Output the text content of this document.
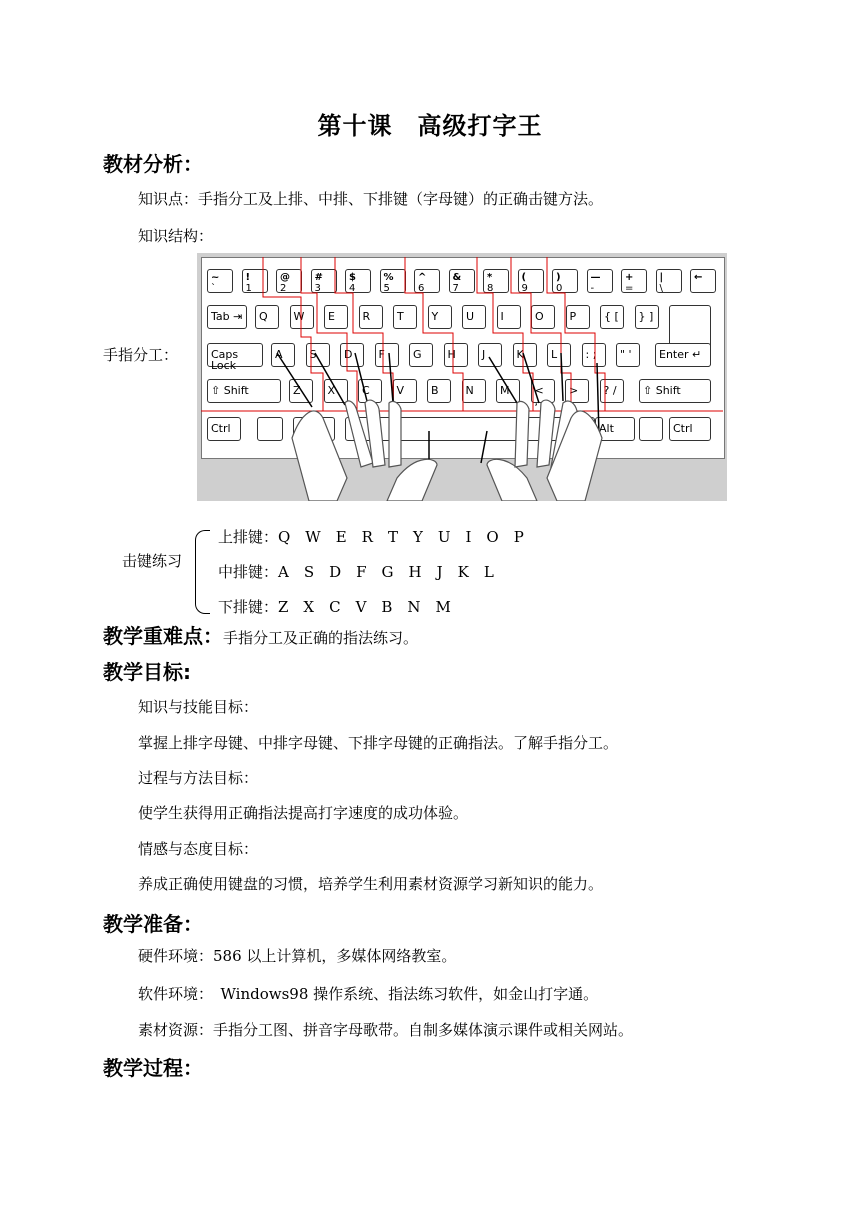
第十课　高级打字王
教材分析：
知识点：手指分工及上排、中排、下排键（字母键）的正确击键方法。
知识结构：
手指分工：
~
`
!
1
@
2
#
3
$
4
%
5
^
6
&
7
*
8
(
9
)
0
—
-
+
=
|
\
←
Tab ⇥	Q	W	E	R	T	Y	U	I	O	P	{ [	} ]
Caps Lock
A	S	D	F	G	H	J	K	L	: ;	" '	Enter ↵
⇧ Shift	Z	X	C	V	B	N	M	< ,
>	? /	⇧ Shift
Ctrl	Alt	Ctrl
击键练习
上排键：Q　W　E　R　T　Y　U　I　O　P
中排键：A　S　D　F　G　H　J　K　L
下排键：Z　X　C　V　B　N　M
教学重难点：手指分工及正确的指法练习。
教学目标:
知识与技能目标：
掌握上排字母键、中排字母键、下排字母键的正确指法。了解手指分工。
过程与方法目标：
使学生获得用正确指法提高打字速度的成功体验。
情感与态度目标：
养成正确使用键盘的习惯，培养学生利用素材资源学习新知识的能力。
教学准备：
硬件环境：586 以上计算机，多媒体网络教室。
软件环境：　Windows98 操作系统、指法练习软件，如金山打字通。
素材资源：手指分工图、拼音字母歌带。自制多媒体演示课件或相关网站。
教学过程：
